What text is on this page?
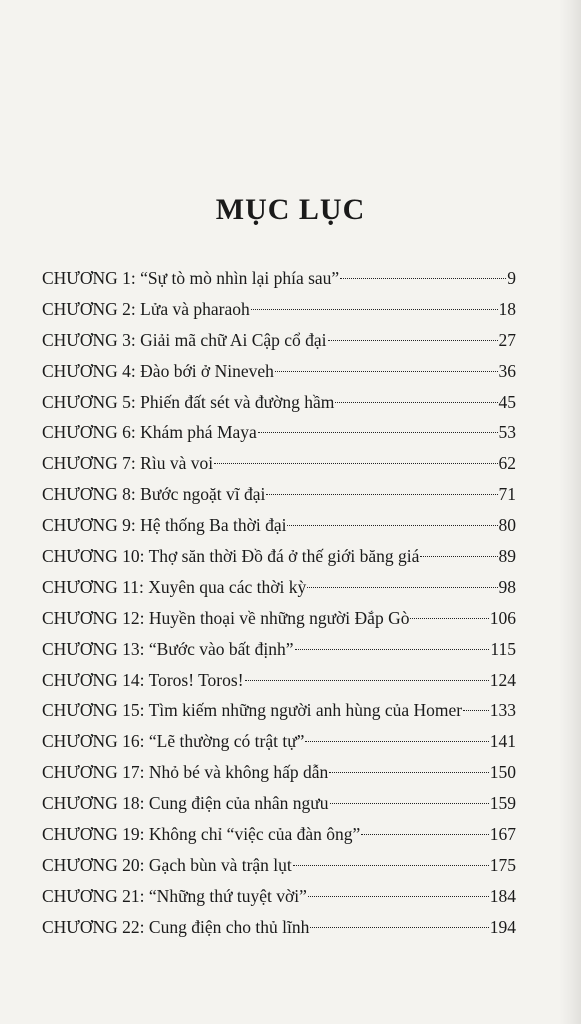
MỤC LỤC
CHƯƠNG 1: “Sự tò mò nhìn lại phía sau”	9
CHƯƠNG 2: Lửa và pharaoh	18
CHƯƠNG 3: Giải mã chữ Ai Cập cổ đại	27
CHƯƠNG 4: Đào bới ở Nineveh	36
CHƯƠNG 5: Phiến đất sét và đường hầm	45
CHƯƠNG 6: Khám phá Maya	53
CHƯƠNG 7: Rìu và voi	62
CHƯƠNG 8: Bước ngoặt vĩ đại	71
CHƯƠNG 9: Hệ thống Ba thời đại	80
CHƯƠNG 10: Thợ săn thời Đồ đá ở thế giới băng giá	89
CHƯƠNG 11: Xuyên qua các thời kỳ	98
CHƯƠNG 12: Huyền thoại về những người Đắp Gò	106
CHƯƠNG 13: “Bước vào bất định”	115
CHƯƠNG 14: Toros! Toros!	124
CHƯƠNG 15: Tìm kiếm những người anh hùng của Homer 133
CHƯƠNG 16: “Lẽ thường có trật tự”	141
CHƯƠNG 17: Nhỏ bé và không hấp dẫn	150
CHƯƠNG 18: Cung điện của nhân ngưu	159
CHƯƠNG 19: Không chỉ “việc của đàn ông”	167
CHƯƠNG 20: Gạch bùn và trận lụt	175
CHƯƠNG 21: “Những thứ tuyệt vời”	184
CHƯƠNG 22: Cung điện cho thủ lĩnh	194
